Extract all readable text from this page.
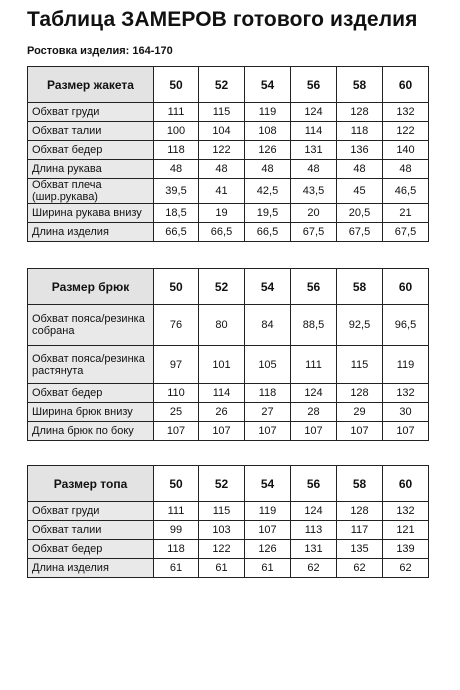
Таблица ЗАМЕРОВ готового изделия
Ростовка изделия: 164-170
Размер жакета	50	52	54	56	58	60
Обхват груди	111	115	119	124	128	132
Обхват талии	100	104	108	114	118	122
Обхват бедер	118	122	126	131	136	140
Длина рукава	48	48	48	48	48	48
Обхват плеча (шир.рукава)	39,5	41	42,5	43,5	45	46,5
Ширина рукава внизу	18,5	19	19,5	20	20,5	21
Длина изделия	66,5	66,5	66,5	67,5	67,5	67,5
Размер брюк	50	52	54	56	58	60
Обхват пояса/резинка собрана	76	80	84	88,5	92,5	96,5
Обхват пояса/резинка растянута	97	101	105	111	115	119
Обхват бедер	110	114	118	124	128	132
Ширина брюк внизу	25	26	27	28	29	30
Длина брюк по боку	107	107	107	107	107	107
Размер топа	50	52	54	56	58	60
Обхват груди	111	115	119	124	128	132
Обхват талии	99	103	107	113	117	121
Обхват бедер	118	122	126	131	135	139
Длина изделия	61	61	61	62	62	62
